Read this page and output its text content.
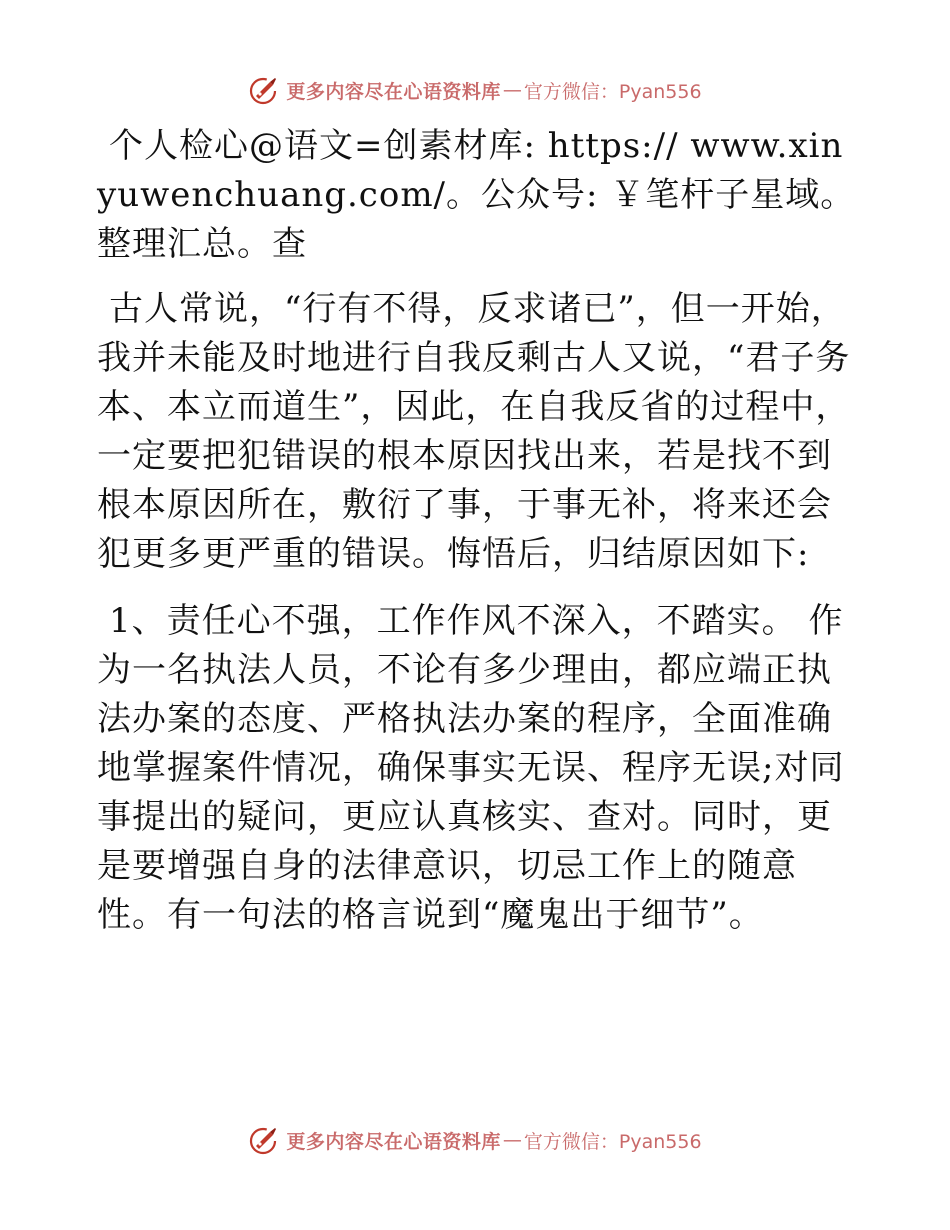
更多内容尽在心语资料库 — 官方微信：Pyan556

个人检心@语文=创素材库: https:// www.xinyuwenchuang.com/。公众号: ￥笔杆子星域。整理汇总。查

古人常说，“行有不得，反求诸已”，但一开始，我并未能及时地进行自我反剩古人又说，“君子务本、本立而道生”，因此，在自我反省的过程中，一定要把犯错误的根本原因找出来，若是找不到根本原因所在，敷衍了事，于事无补，将来还会犯更多更严重的错误。悔悟后，归结原因如下:

1、责任心不强，工作作风不深入，不踏实。 作为一名执法人员，不论有多少理由，都应端正执法办案的态度、严格执法办案的程序，全面准确地掌握案件情况，确保事实无误、程序无误;对同事提出的疑问，更应认真核实、查对。同时，更是要增强自身的法律意识，切忌工作上的随意性。有一句法的格言说到“魔鬼出于细节”。

更多内容尽在心语资料库 — 官方微信：Pyan556
